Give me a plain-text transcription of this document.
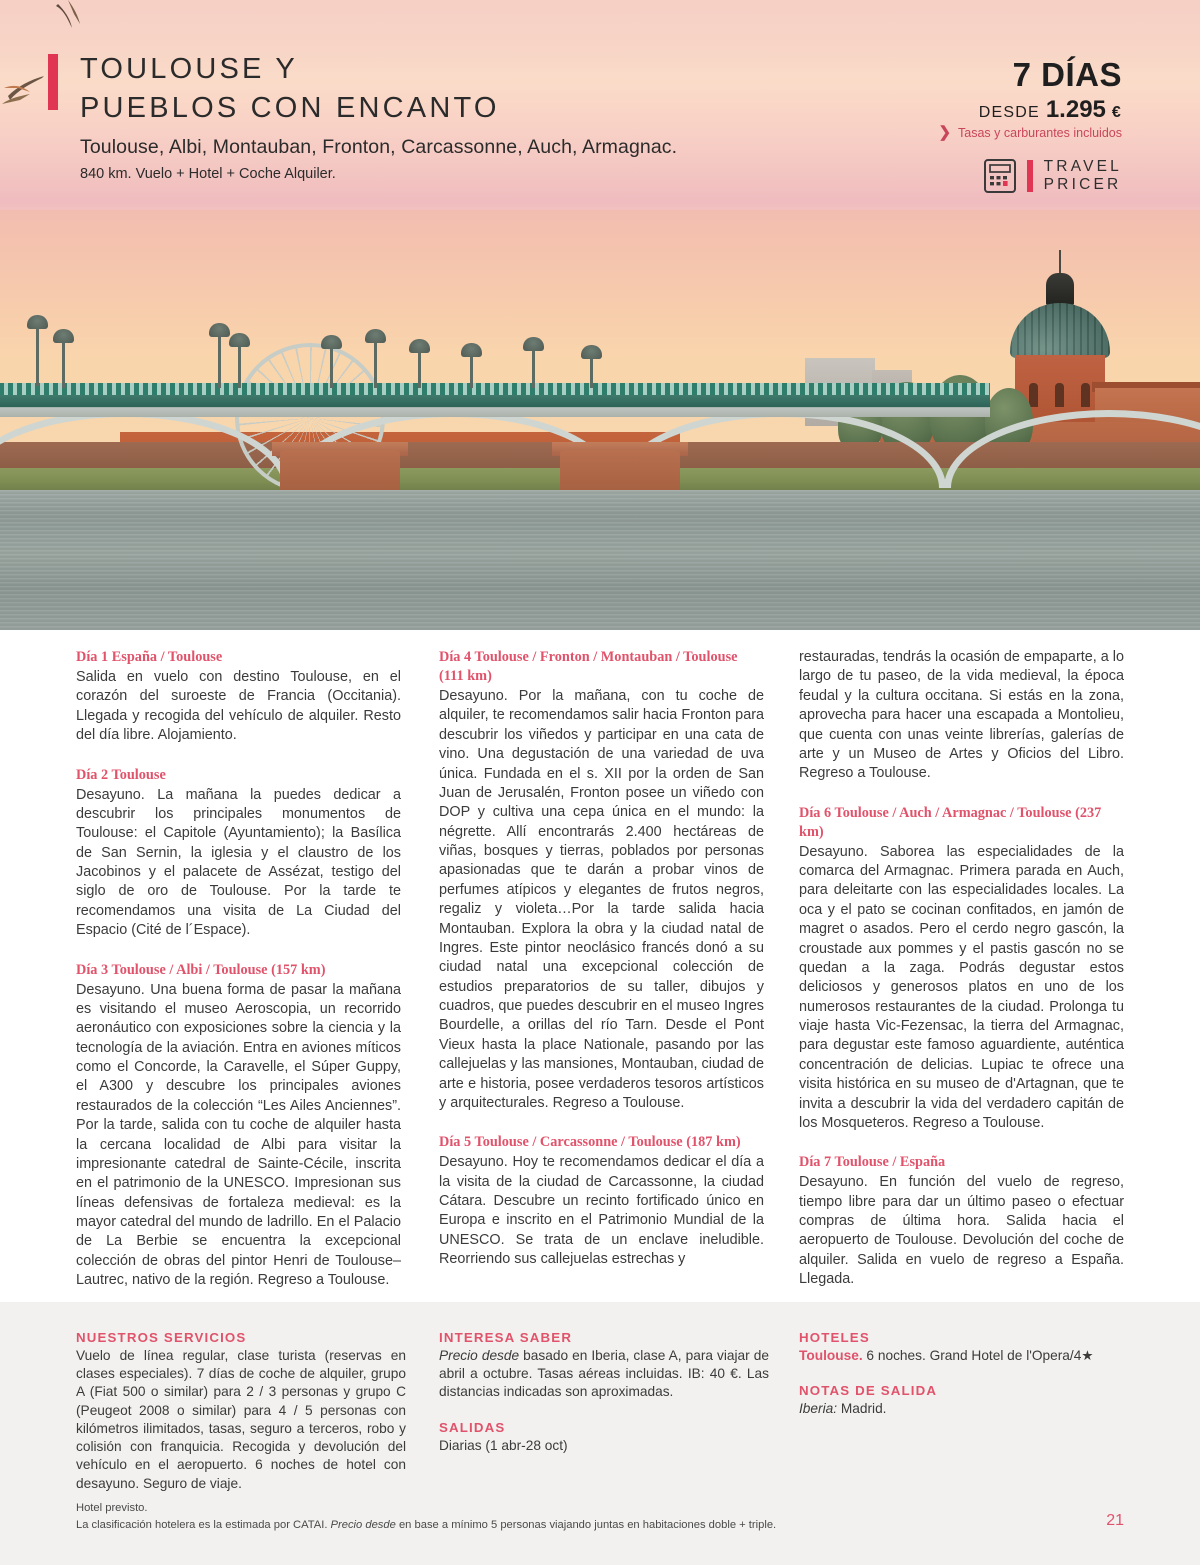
TOULOUSE Y
PUEBLOS CON ENCANTO
Toulouse, Albi, Montauban, Fronton, Carcassonne, Auch, Armagnac.
840 km. Vuelo + Hotel + Coche Alquiler.
7 DÍAS
DESDE 1.295 €
❯ Tasas y carburantes incluidos
TRAVEL
PRICER
Día 1 España / Toulouse
Salida en vuelo con destino Toulouse, en el corazón del suroeste de Francia (Occitania). Llegada y recogida del vehículo de alquiler. Resto del día libre. Alojamiento.
Día 2 Toulouse
Desayuno. La mañana la puedes dedicar a descubrir los principales monumentos de Toulouse: el Capitole (Ayuntamiento); la Basílica de San Sernin, la iglesia y el claustro de los Jacobinos y el palacete de Assézat, testigo del siglo de oro de Toulouse. Por la tarde te recomendamos una visita de La Ciudad del Espacio (Cité de l´Espace).
Día 3 Toulouse / Albi / Toulouse (157 km)
Desayuno. Una buena forma de pasar la mañana es visitando el museo Aeroscopia, un recorrido aeronáutico con exposiciones sobre la ciencia y la tecnología de la aviación. Entra en aviones míticos como el Concorde, la Caravelle, el Súper Guppy, el A300 y descubre los principales aviones restaurados de la colección “Les Ailes Anciennes”. Por la tarde, salida con tu coche de alquiler hasta la cercana localidad de Albi para visitar la impresionante catedral de Sainte-Cécile, inscrita en el patrimonio de la UNESCO. Impresionan sus líneas defensivas de fortaleza medieval: es la mayor catedral del mundo de ladrillo. En el Palacio de La Berbie se encuentra la excepcional colección de obras del pintor Henri de Toulouse–Lautrec, nativo de la región. Regreso a Toulouse.
Día 4 Toulouse / Fronton / Montauban / Toulouse (111 km)
Desayuno. Por la mañana, con tu coche de alquiler, te recomendamos salir hacia Fronton para descubrir los viñedos y participar en una cata de vino. Una degustación de una variedad de uva única. Fundada en el s. XII por la orden de San Juan de Jerusalén, Fronton posee un viñedo con DOP y cultiva una cepa única en el mundo: la négrette. Allí encontrarás 2.400 hectáreas de viñas, bosques y tierras, poblados por personas apasionadas que te darán a probar vinos de perfumes atípicos y elegantes de frutos negros, regaliz y violeta…Por la tarde salida hacia Montauban. Explora la obra y la ciudad natal de Ingres. Este pintor neoclásico francés donó a su ciudad natal una excepcional colección de estudios preparatorios de su taller, dibujos y cuadros, que puedes descubrir en el museo Ingres Bourdelle, a orillas del río Tarn. Desde el Pont Vieux hasta la place Nationale, pasando por las callejuelas y las mansiones, Montauban, ciudad de arte e historia, posee verdaderos tesoros artísticos y arquitecturales. Regreso a Toulouse.
Día 5 Toulouse / Carcassonne / Toulouse (187 km)
Desayuno. Hoy te recomendamos dedicar el día a la visita de la ciudad de Carcassonne, la ciudad Cátara. Descubre un recinto fortificado único en Europa e inscrito en el Patrimonio Mundial de la UNESCO. Se trata de un enclave ineludible. Reorriendo sus callejuelas estrechas y
restauradas, tendrás la ocasión de empaparte, a lo largo de tu paseo, de la vida medieval, la época feudal y la cultura occitana. Si estás en la zona, aprovecha para hacer una escapada a Montolieu, que cuenta con unas veinte librerías, galerías de arte y un Museo de Artes y Oficios del Libro. Regreso a Toulouse.
Día 6 Toulouse / Auch / Armagnac / Toulouse (237 km)
Desayuno. Saborea las especialidades de la comarca del Armagnac. Primera parada en Auch, para deleitarte con las especialidades locales. La oca y el pato se cocinan confitados, en jamón de magret o asados. Pero el cerdo negro gascón, la croustade aux pommes y el pastis gascón no se quedan a la zaga. Podrás degustar estos deliciosos y generosos platos en uno de los numerosos restaurantes de la ciudad. Prolonga tu viaje hasta Vic-Fezensac, la tierra del Armagnac, para degustar este famoso aguardiente, auténtica concentración de delicias. Lupiac te ofrece una visita histórica en su museo de d'Artagnan, que te invita a descubrir la vida del verdadero capitán de los Mosqueteros. Regreso a Toulouse.
Día 7 Toulouse / España
Desayuno. En función del vuelo de regreso, tiempo libre para dar un último paseo o efectuar compras de última hora. Salida hacia el aeropuerto de Toulouse. Devolución del coche de alquiler. Salida en vuelo de regreso a España. Llegada.
NUESTROS SERVICIOS
Vuelo de línea regular, clase turista (reservas en clases especiales). 7 días de coche de alquiler, grupo A (Fiat 500 o similar) para 2 / 3 personas y grupo C (Peugeot 2008 o similar) para 4 / 5 personas con kilómetros ilimitados, tasas, seguro a terceros, robo y colisión con franquicia. Recogida y devolución del vehículo en el aeropuerto. 6 noches de hotel con desayuno. Seguro de viaje.
INTERESA SABER
Precio desde basado en Iberia, clase A, para viajar de abril a octubre. Tasas aéreas incluidas. IB: 40 €. Las distancias indicadas son aproximadas.
SALIDAS
Diarias (1 abr-28 oct)
HOTELES
Toulouse. 6 noches. Grand Hotel de l'Opera/4★
NOTAS DE SALIDA
Iberia: Madrid.
Hotel previsto.
La clasificación hotelera es la estimada por CATAI. Precio desde en base a mínimo 5 personas viajando juntas en habitaciones doble + triple.	21
